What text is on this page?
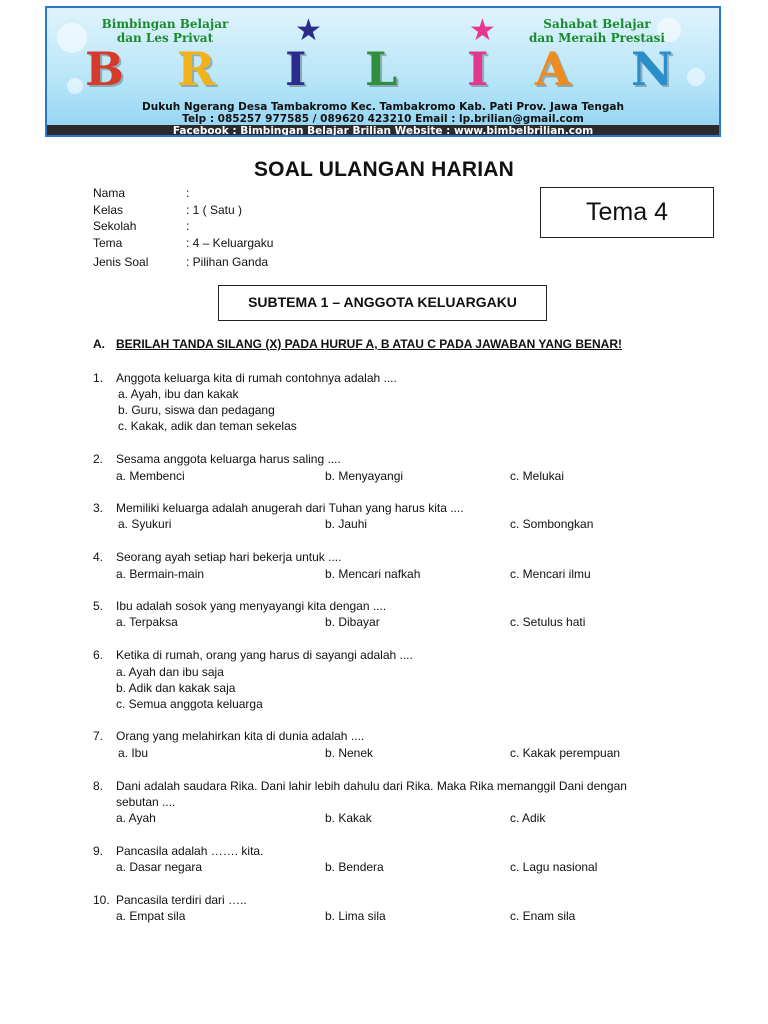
Bimbingan Belajar
dan Les Privat
Sahabat Belajar
dan Meraih Prestasi
★	★
B R I L I A N
Dukuh Ngerang Desa Tambakromo Kec. Tambakromo Kab. Pati Prov. Jawa Tengah
Telp : 085257 977585 / 089620 423210 Email : lp.brilian@gmail.com
Facebook : Bimbingan Belajar Brilian Website : www.bimbelbrilian.com
SOAL ULANGAN HARIAN
Nama	:
Kelas	: 1 ( Satu )
Sekolah	:
Tema	: 4 – Keluarga​ku
Jenis Soal	: Pilihan Ganda
Tema 4
SUBTEMA 1 – ANGGOTA KELUARGAKU
A. BERILAH TANDA SILANG (X) PADA HURUF A, B ATAU C PADA JAWABAN YANG BENAR!
1. Anggota keluarga kita di rumah contohnya adalah ....
a. Ayah, ibu dan kakak
b. Guru, siswa dan pedagang
c. Kakak, adik dan teman sekelas
2. Sesama anggota keluarga harus saling ....
a. Membenci	b. Menyayangi	c. Melukai
3. Memiliki keluarga adalah anugerah dari Tuhan yang harus kita ....
a. Syukuri	b. Jauhi	c. Sombongkan
4. Seorang ayah setiap hari bekerja untuk ....
a. Bermain-main	b. Mencari nafkah	c. Mencari ilmu
5. Ibu adalah sosok yang menyayangi kita dengan ....
a. Terpaksa	b. Dibayar	c. Setulus hati
6. Ketika di rumah, orang yang harus di sayangi adalah ....
a. Ayah dan ibu saja
b. Adik dan kakak saja
c. Semua anggota keluarga
7. Orang yang melahirkan kita di dunia adalah ....
a. Ibu	b. Nenek	c. Kakak perempuan
8. Dani adalah saudara Rika. Dani lahir lebih dahulu dari Rika. Maka Rika memanggil Dani dengan
sebutan ....
a. Ayah	b. Kakak	c. Adik
9. Pancasila adalah ……. kita.
a. Dasar negara	b. Bendera	c. Lagu nasional
10. Pancasila terdiri dari …..
a. Empat sila	b. Lima sila	c. Enam sila
